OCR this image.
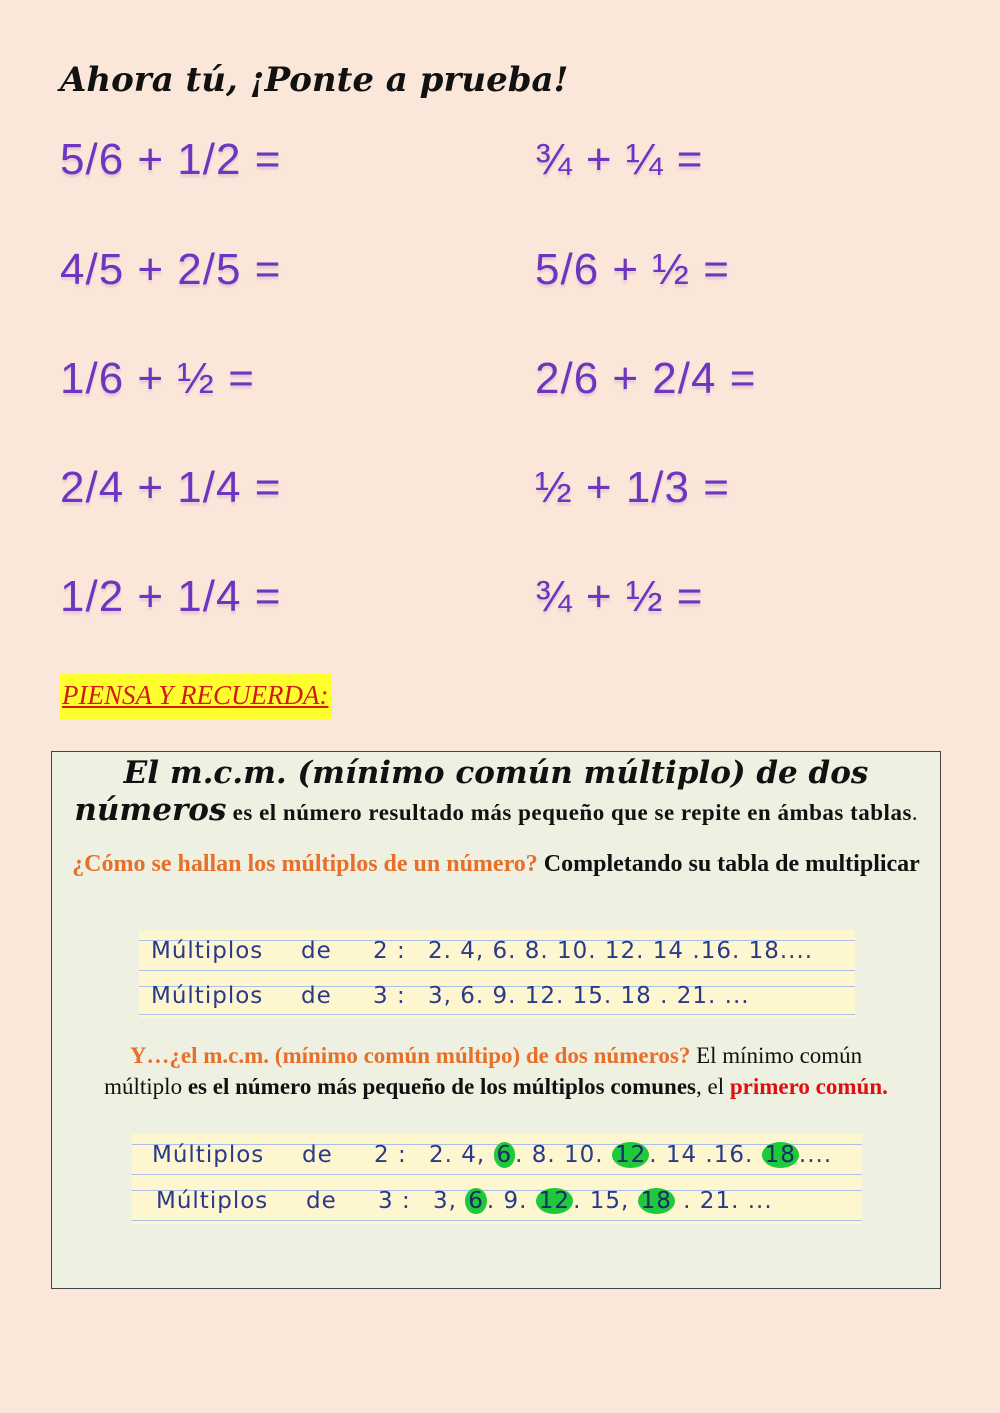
Ahora tú, ¡Ponte a prueba!
5/6 + 1/2 =
4/5 + 2/5 =
1/6 + ½ =
2/4 + 1/4 =
1/2 + 1/4 =
¾ + ¼ =
5/6 + ½ =
2/6 + 2/4 =
½ + 1/3 =
¾ + ½ =
PIENSA Y RECUERDA:
El m.c.m. (mínimo común múltiplo) de dos números es el número resultado más pequeño que se repite en ámbas tablas.
¿Cómo se hallan los múltiplos de un número? Completando su tabla de multiplicar
Múltiplos de 2 : 2. 4, 6. 8. 10. 12. 14 .16. 18....
Múltiplos de 3 : 3, 6. 9. 12. 15. 18 . 21. ...
Y…¿el m.c.m. (mínimo común múltipo) de dos números? El mínimo común múltiplo es el número más pequeño de los múltiplos comunes, el primero común.
Múltiplos de 2 : 2. 4, 6 . 8. 10. 12 . 14 .16. 18 ....
Múltiplos de 3 : 3, 6 . 9. 12 . 15, 18 . 21. ...
